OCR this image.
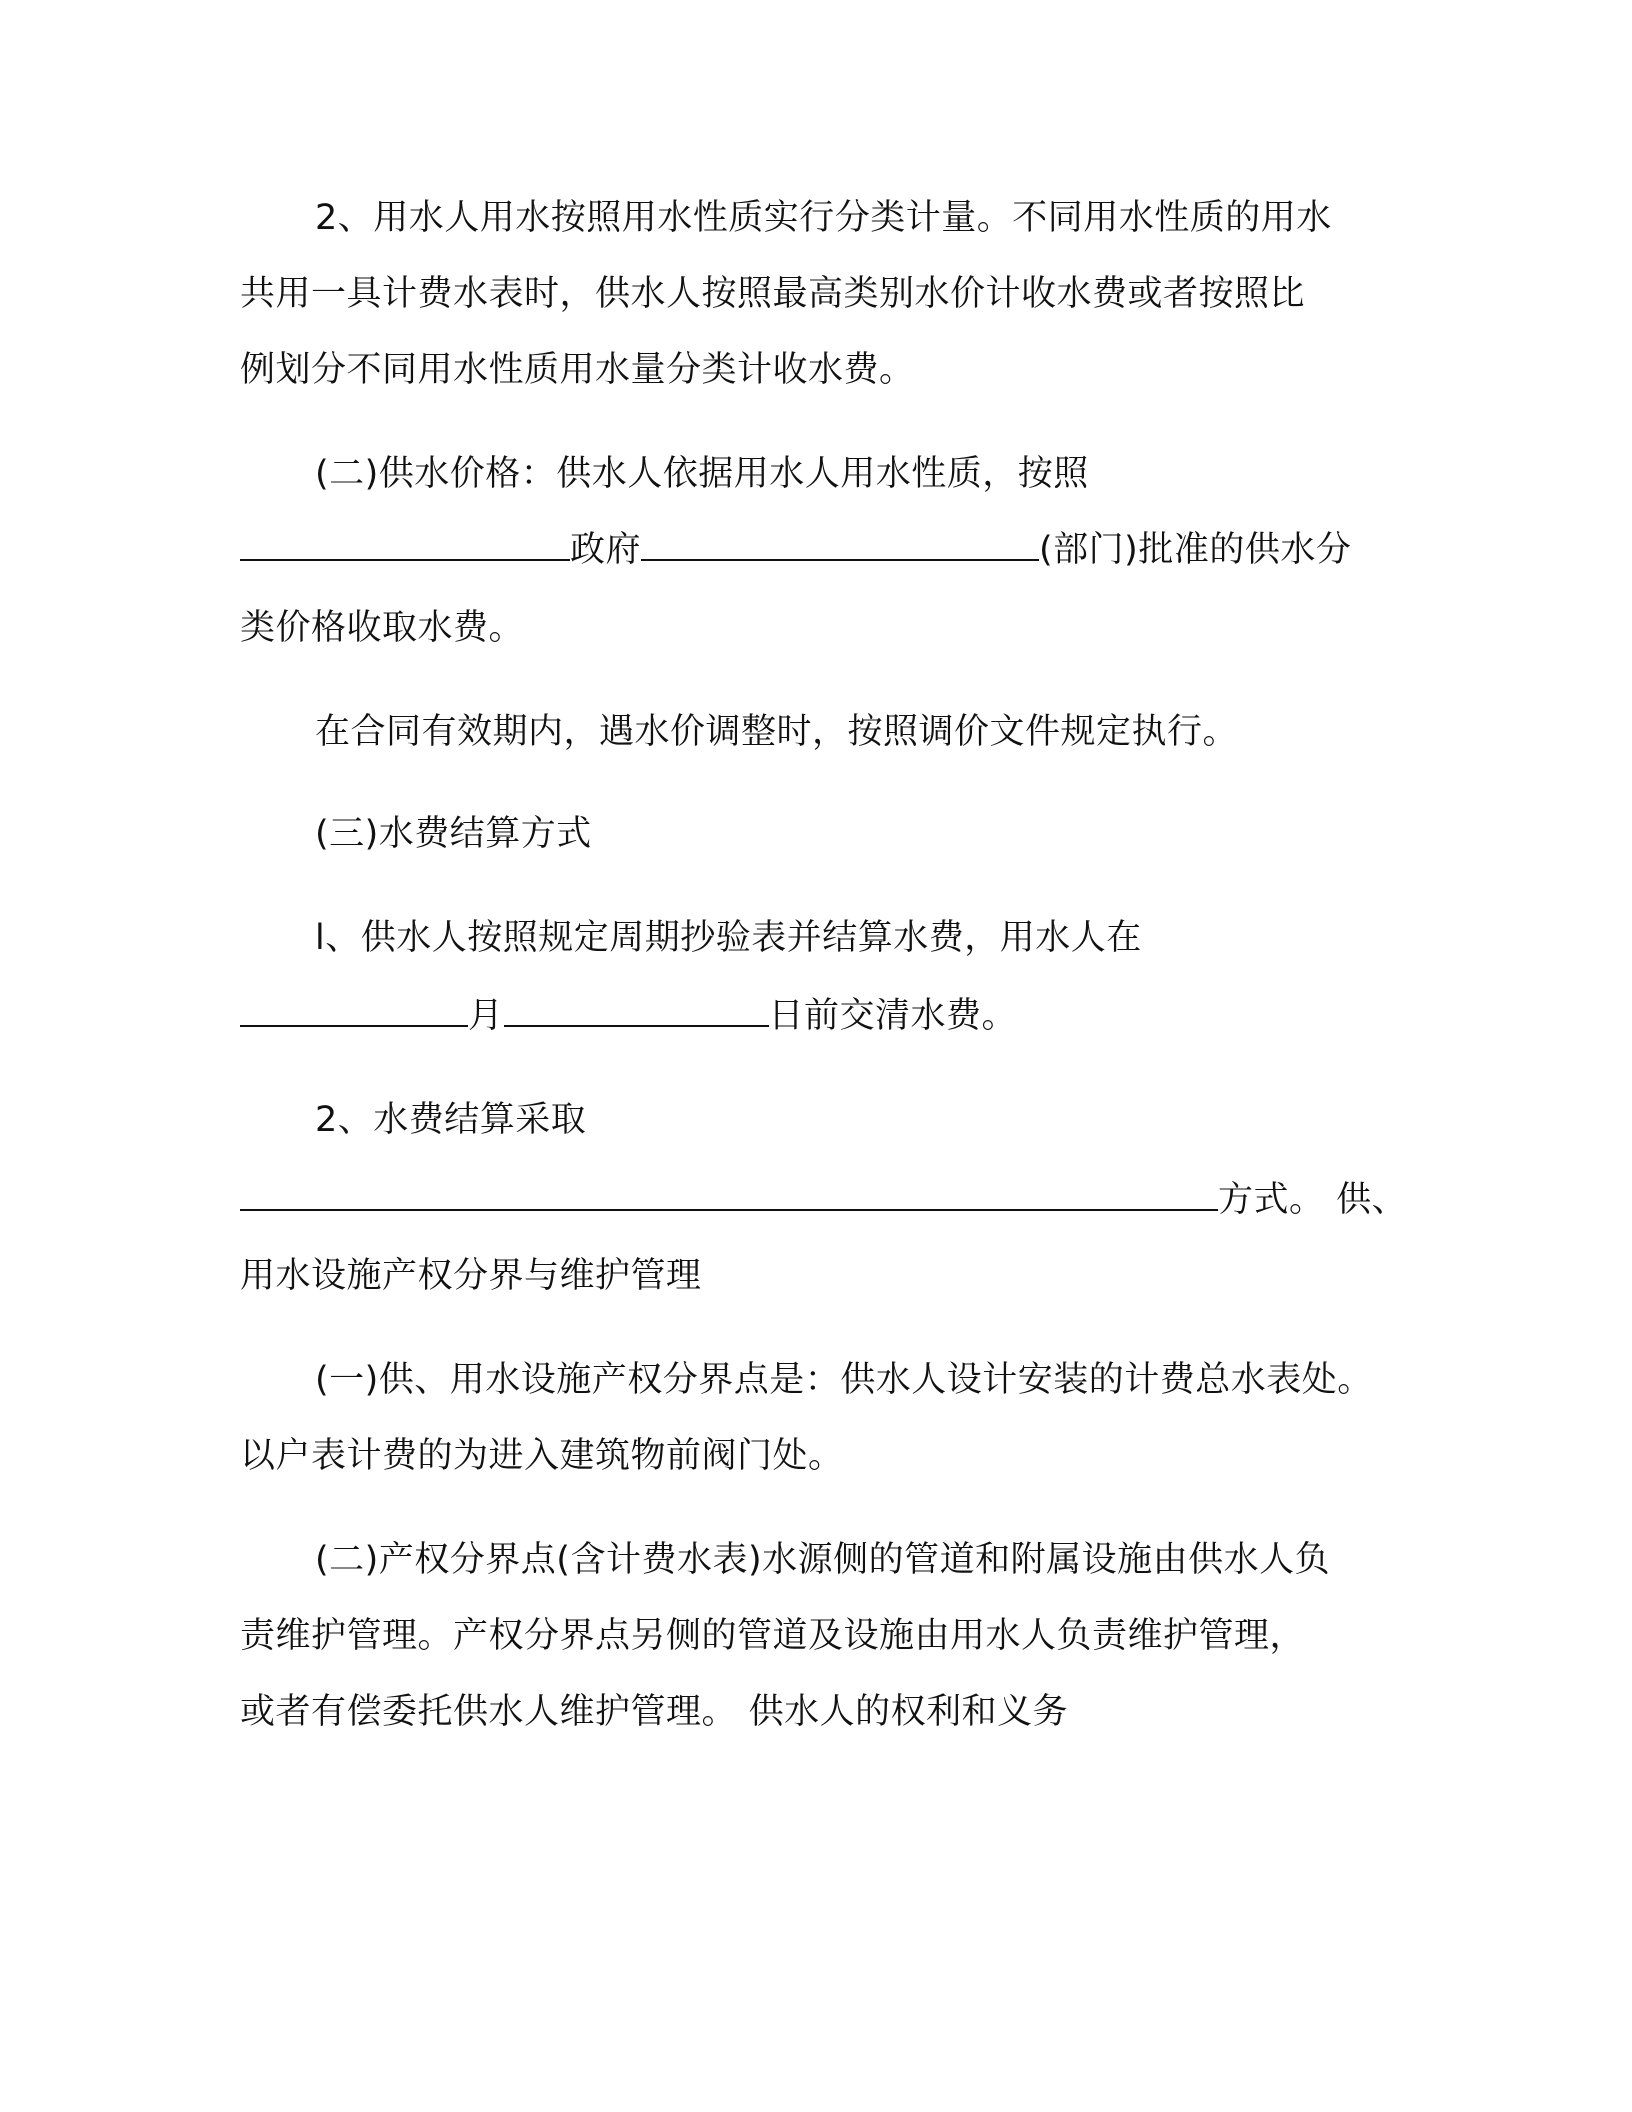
2、用水人用水按照用水性质实行分类计量。不同用水性质的用水
共用一具计费水表时，供水人按照最高类别水价计收水费或者按照比
例划分不同用水性质用水量分类计收水费。
(二)供水价格：供水人依据用水人用水性质，按照
政府	(部门)批准的供水分
类价格收取水费。
在合同有效期内，遇水价调整时，按照调价文件规定执行。
(三)水费结算方式
l、供水人按照规定周期抄验表并结算水费，用水人在
月	日前交清水费。
2、水费结算采取
方式。 供、
用水设施产权分界与维护管理
(一)供、用水设施产权分界点是：供水人设计安装的计费总水表处。
以户表计费的为进入建筑物前阀门处。
(二)产权分界点(含计费水表)水源侧的管道和附属设施由供水人负
责维护管理。产权分界点另侧的管道及设施由用水人负责维护管理，
或者有偿委托供水人维护管理。 供水人的权利和义务
